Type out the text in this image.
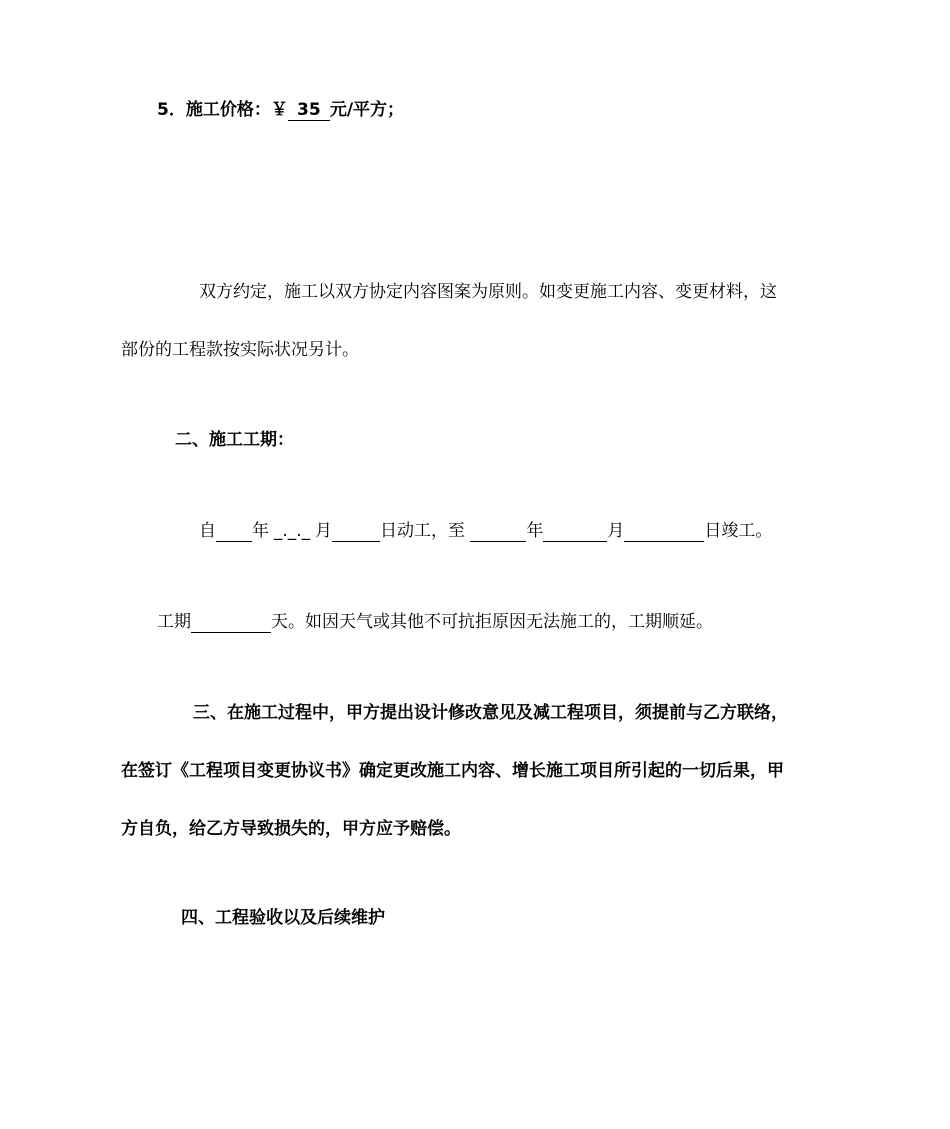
5．施工价格：￥ 35 元/平方；
双方约定，施工以双方协定内容图案为原则。如变更施工内容、变更材料，这
部份的工程款按实际状况另计。
二、施工工期：
自 年 _._._ 月	日动工，至	年	月	日竣工。
工期	天。如因天气或其他不可抗拒原因无法施工的，工期顺延。
三、在施工过程中，甲方提出设计修改意见及减工程项目，须提前与乙方联络，
在签订《工程项目变更协议书》确定更改施工内容、增长施工项目所引起的一切后果，甲
方自负，给乙方导致损失的，甲方应予赔偿。
四、工程验收以及后续维护
